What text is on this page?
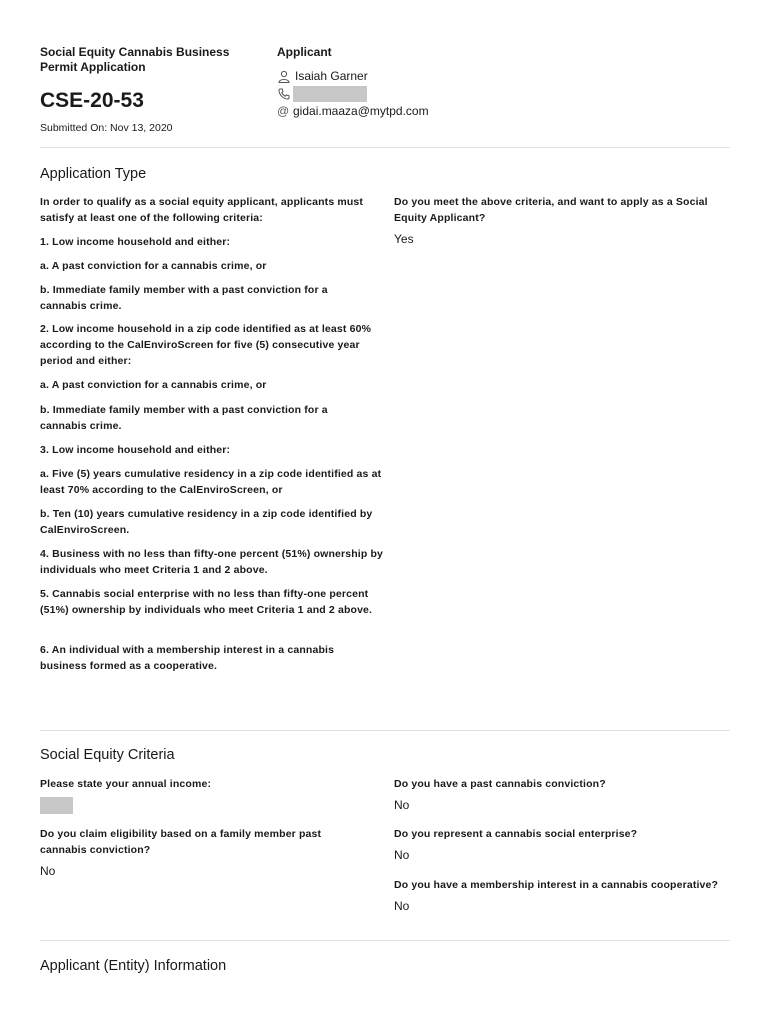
Social Equity Cannabis Business Permit Application
CSE-20-53
Submitted On: Nov 13, 2020
Applicant
Isaiah Garner
@ gidai.maaza@mytpd.com
Application Type
In order to qualify as a social equity applicant, applicants must satisfy at least one of the following criteria:
1. Low income household and either:
a. A past conviction for a cannabis crime, or
b. Immediate family member with a past conviction for a cannabis crime.
2. Low income household in a zip code identified as at least 60% according to the CalEnviroScreen for five (5) consecutive year period and either:
a. A past conviction for a cannabis crime, or
b. Immediate family member with a past conviction for a cannabis crime.
3. Low income household and either:
a. Five (5) years cumulative residency in a zip code identified as at least 70% according to the CalEnviroScreen, or
b. Ten (10) years cumulative residency in a zip code identified by CalEnviroScreen.
4. Business with no less than fifty-one percent (51%) ownership by individuals who meet Criteria 1 and 2 above.
5. Cannabis social enterprise with no less than fifty-one percent (51%) ownership by individuals who meet Criteria 1 and 2 above.
6. An individual with a membership interest in a cannabis business formed as a cooperative.
Do you meet the above criteria, and want to apply as a Social Equity Applicant?
Yes
Social Equity Criteria
Please state your annual income:
Do you claim eligibility based on a family member past cannabis conviction?
No
Do you have a past cannabis conviction?
No
Do you represent a cannabis social enterprise?
No
Do you have a membership interest in a cannabis cooperative?
No
Applicant (Entity) Information
